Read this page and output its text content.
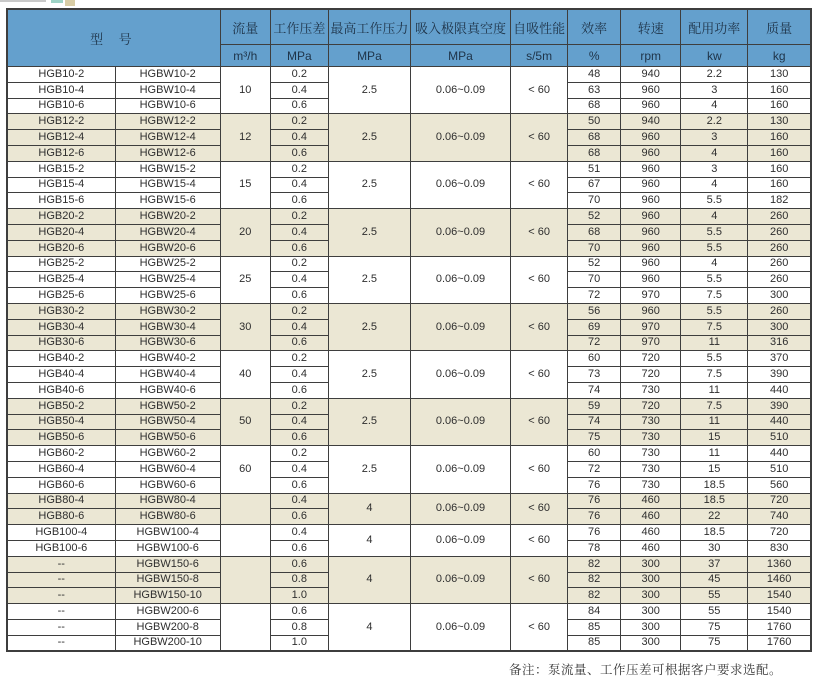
型 号		流量	工作压差	最高工作压力	吸入极限真空度	自吸性能	效率	转速	配用功率	质量
		m³/h	MPa	MPa	MPa	s/5m	%	rpm	kw	kg
HGB10-2	HGBW10-2	10	0.2	2.5	0.06~0.09	< 60	48	940	2.2	130
HGB10-4	HGBW10-4		0.4				63	960	3	160
HGB10-6	HGBW10-6		0.6				68	960	4	160
HGB12-2	HGBW12-2	12	0.2	2.5	0.06~0.09	< 60	50	940	2.2	130
HGB12-4	HGBW12-4		0.4				68	960	3	160
HGB12-6	HGBW12-6		0.6				68	960	4	160
HGB15-2	HGBW15-2	15	0.2	2.5	0.06~0.09	< 60	51	960	3	160
HGB15-4	HGBW15-4		0.4				67	960	4	160
HGB15-6	HGBW15-6		0.6				70	960	5.5	182
HGB20-2	HGBW20-2	20	0.2	2.5	0.06~0.09	< 60	52	960	4	260
HGB20-4	HGBW20-4		0.4				68	960	5.5	260
HGB20-6	HGBW20-6		0.6				70	960	5.5	260
HGB25-2	HGBW25-2	25	0.2	2.5	0.06~0.09	< 60	52	960	4	260
HGB25-4	HGBW25-4		0.4				70	960	5.5	260
HGB25-6	HGBW25-6		0.6				72	970	7.5	300
HGB30-2	HGBW30-2	30	0.2	2.5	0.06~0.09	< 60	56	960	5.5	260
HGB30-4	HGBW30-4		0.4				69	970	7.5	300
HGB30-6	HGBW30-6		0.6				72	970	11	316
HGB40-2	HGBW40-2	40	0.2	2.5	0.06~0.09	< 60	60	720	5.5	370
HGB40-4	HGBW40-4		0.4				73	720	7.5	390
HGB40-6	HGBW40-6		0.6				74	730	11	440
HGB50-2	HGBW50-2	50	0.2	2.5	0.06~0.09	< 60	59	720	7.5	390
HGB50-4	HGBW50-4		0.4				74	730	11	440
HGB50-6	HGBW50-6		0.6				75	730	15	510
HGB60-2	HGBW60-2	60	0.2	2.5	0.06~0.09	< 60	60	730	11	440
HGB60-4	HGBW60-4		0.4				72	730	15	510
HGB60-6	HGBW60-6		0.6				76	730	18.5	560
HGB80-4	HGBW80-4		0.4	4	0.06~0.09	< 60	76	460	18.5	720
HGB80-6	HGBW80-6		0.6				76	460	22	740
HGB100-4	HGBW100-4		0.4	4	0.06~0.09	< 60	76	460	18.5	720
HGB100-6	HGBW100-6		0.6				78	460	30	830
--	HGBW150-6		0.6	4	0.06~0.09	< 60	82	300	37	1360
--	HGBW150-8		0.8				82	300	45	1460
--	HGBW150-10		1.0				82	300	55	1540
--	HGBW200-6		0.6	4	0.06~0.09	< 60	84	300	55	1540
--	HGBW200-8		0.8				85	300	75	1760
--	HGBW200-10		1.0				85	300	75	1760
备注：泵流量、工作压差可根据客户要求选配。
